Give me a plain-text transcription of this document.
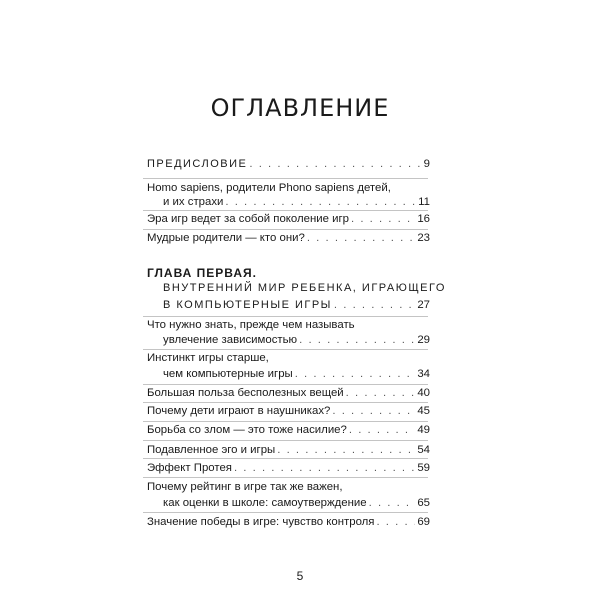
ОГЛАВЛЕНИЕ
ПРЕДИСЛОВИЕ . . .	9
Homo sapiens, родители Phono sapiens детей,
и их страхи . . .	11
Эра игр ведет за собой поколение игр . . .	16
Мудрые родители — кто они? . . .	23
ГЛАВА ПЕРВАЯ.
ВНУТРЕННИЙ МИР РЕБЕНКА, ИГРАЮЩЕГО
В КОМПЬЮТЕРНЫЕ ИГРЫ . . .	27
Что нужно знать, прежде чем называть
увлечение зависимостью . . .	29
Инстинкт игры старше,
чем компьютерные игры . . .	34
Большая польза бесполезных вещей . . .	40
Почему дети играют в наушниках? . . .	45
Борьба со злом — это тоже насилие? . . .	49
Подавленное эго и игры . . .	54
Эффект Протея . . .	59
Почему рейтинг в игре так же важен,
как оценки в школе: самоутверждение . . .	65
Значение победы в игре: чувство контроля . . .	69
5
